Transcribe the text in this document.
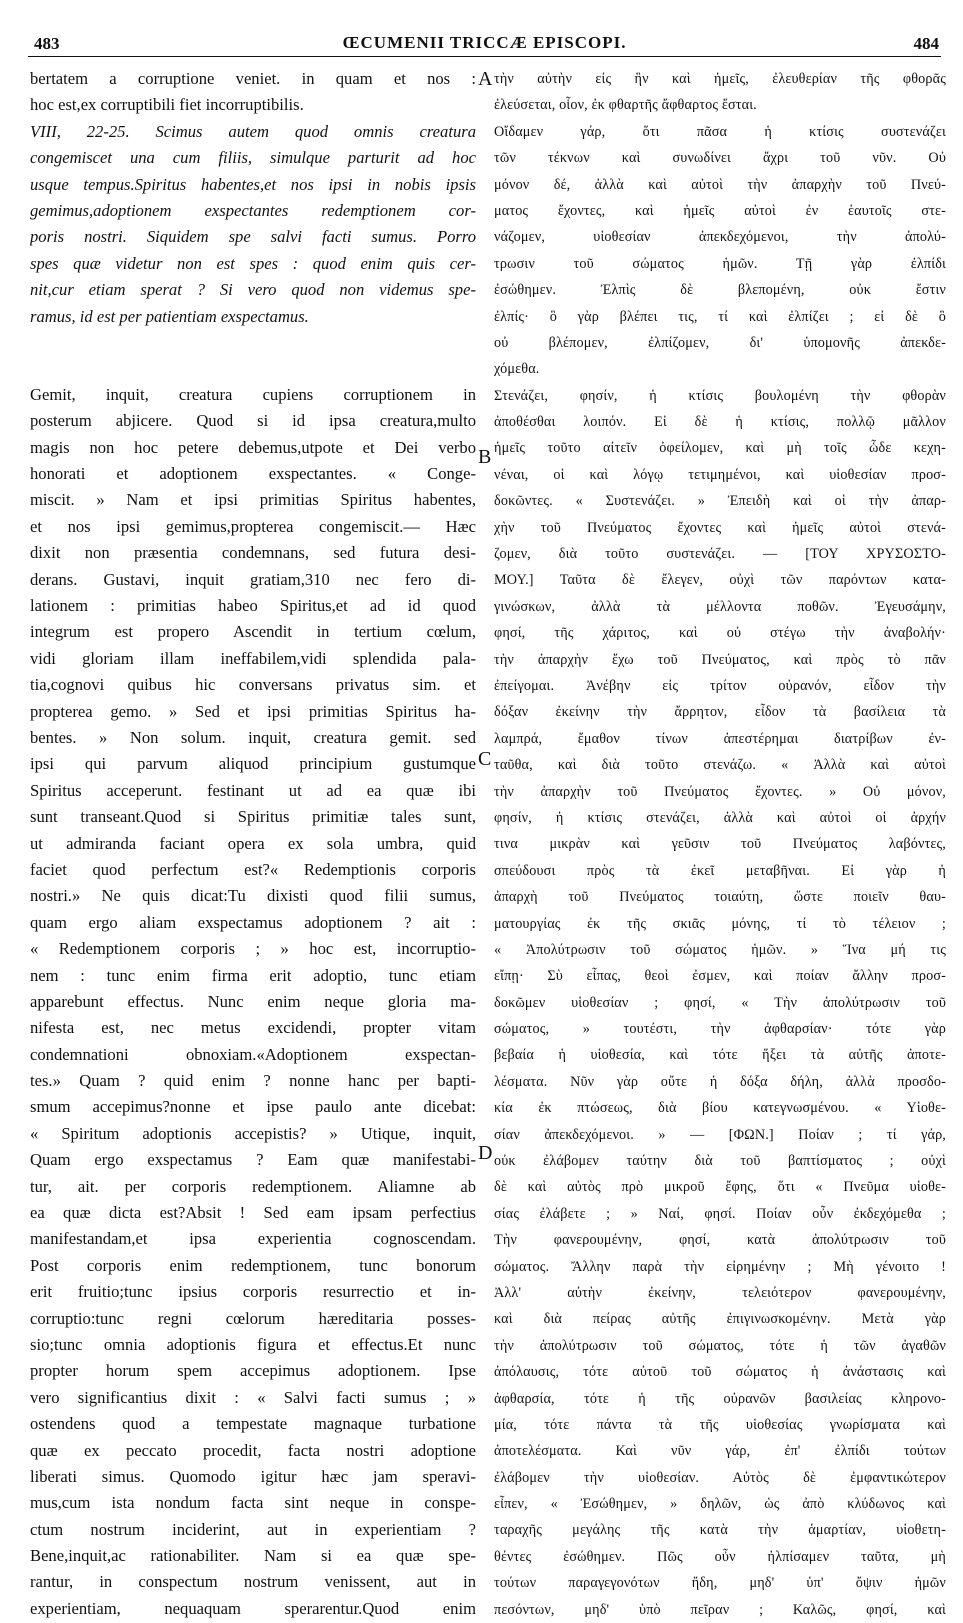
483	ŒCUMENII TRICCÆ EPISCOPI.	484
A
B
C
D
bertatem a corruptione veniet. in quam et nos :
hoc est,ex corruptibili fiet incorruptibilis.
VIII, 22-25. Scimus autem quod omnis creatura
congemiscet una cum filiis, simulque parturit ad hoc
usque tempus.Spiritus habentes,et nos ipsi in nobis ipsis
gemimus,adoptionem exspectantes redemptionem cor-
poris nostri. Siquidem spe salvi facti sumus. Porro
spes quæ videtur non est spes : quod enim quis cer-
nit,cur etiam sperat ? Si vero quod non videmus spe-
ramus, id est per patientiam exspectamus.
Gemit, inquit, creatura cupiens corruptionem in
posterum abjicere. Quod si id ipsa creatura,multo
magis non hoc petere debemus,utpote et Dei verbo
honorati et adoptionem exspectantes. « Conge-
miscit. » Nam et ipsi primitias Spiritus habentes,
et nos ipsi gemimus,propterea congemiscit.— Hæc
dixit non præsentia condemnans, sed futura desi-
derans. Gustavi, inquit gratiam,310 nec fero di-
lationem : primitias habeo Spiritus,et ad id quod
integrum est propero Ascendit in tertium cœlum,
vidi gloriam illam ineffabilem,vidi splendida pala-
tia,cognovi quibus hic conversans privatus sim. et
propterea gemo. » Sed et ipsi primitias Spiritus ha-
bentes. » Non solum. inquit, creatura gemit. sed
ipsi qui parvum aliquod principium gustumque
Spiritus acceperunt. festinant ut ad ea quæ ibi
sunt transeant.Quod si Spiritus primitiæ tales sunt,
ut admiranda faciant opera ex sola umbra, quid
faciet quod perfectum est?« Redemptionis corporis
nostri.» Ne quis dicat:Tu dixisti quod filii sumus,
quam ergo aliam exspectamus adoptionem ? ait :
« Redemptionem corporis ; » hoc est, incorruptio-
nem : tunc enim firma erit adoptio, tunc etiam
apparebunt effectus. Nunc enim neque gloria ma-
nifesta est, nec metus excidendi, propter vitam
condemnationi obnoxiam.«Adoptionem exspectan-
tes.» Quam ? quid enim ? nonne hanc per bapti-
smum accepimus?nonne et ipse paulo ante dicebat:
« Spiritum adoptionis accepistis? » Utique, inquit,
Quam ergo exspectamus ? Eam quæ manifestabi-
tur, ait. per corporis redemptionem. Aliamne ab
ea quæ dicta est?Absit ! Sed eam ipsam perfectius
manifestandam,et ipsa experientia cognoscendam.
Post corporis enim redemptionem, tunc bonorum
erit fruitio;tunc ipsius corporis resurrectio et in-
corruptio:tunc regni cœlorum hæreditaria posses-
sio;tunc omnia adoptionis figura et effectus.Et nunc
propter horum spem accepimus adoptionem. Ipse
vero significantius dixit : « Salvi facti sumus ; »
ostendens quod a tempestate magnaque turbatione
quæ ex peccato procedit, facta nostri adoptione
liberati simus. Quomodo igitur hæc jam speravi-
mus,cum ista nondum facta sint neque in conspe-
ctum nostrum inciderint, aut in experientiam ?
Bene,inquit,ac rationabiliter. Nam si ea quæ spe-
rantur, in conspectum nostrum venissent, aut in
experientiam, nequaquam sperarentur.Quod enim
τὴν αὐτὴν εἰς ἣν καὶ ἡμεῖς, ἐλευθερίαν τῆς φθορᾶς
ἐλεύσεται, οἷον, ἐκ φθαρτῆς ἄφθαρτος ἔσται.
Οἴδαμεν γάρ, ὅτι πᾶσα ἡ κτίσις συστενάζει
τῶν τέκνων καὶ συνωδίνει ἄχρι τοῦ νῦν. Οὐ
μόνον δέ, ἀλλὰ καὶ αὐτοὶ τὴν ἀπαρχὴν τοῦ Πνεύ-
ματος ἔχοντες, καὶ ἡμεῖς αὐτοὶ ἐν ἑαυτοῖς στε-
νάζομεν, υἱοθεσίαν ἀπεκδεχόμενοι, τὴν ἀπολύ-
τρωσιν τοῦ σώματος ἡμῶν. Τῇ γὰρ ἐλπίδι
ἐσώθημεν. Ἐλπὶς δὲ βλεπομένη, οὐκ ἔστιν
ἐλπίς· ὃ γὰρ βλέπει τις, τί καὶ ἐλπίζει ; εἰ δὲ ὃ
οὐ βλέπομεν, ἐλπίζομεν, δι' ὑπομονῆς ἀπεκδε-
χόμεθα.
Στενάζει, φησίν, ἡ κτίσις βουλομένη τὴν φθορὰν
ἀποθέσθαι λοιπόν. Εἰ δὲ ἡ κτίσις, πολλῷ μᾶλλον
ἡμεῖς τοῦτο αἰτεῖν ὀφείλομεν, καὶ μὴ τοῖς ὧδε κεχη-
νέναι, οἱ καὶ λόγῳ τετιμημένοι, καὶ υἱοθεσίαν προσ-
δοκῶντες. « Συστενάζει. » Ἐπειδὴ καὶ οἱ τὴν ἀπαρ-
χὴν τοῦ Πνεύματος ἔχοντες καὶ ἡμεῖς αὐτοὶ στενά-
ζομεν, διὰ τοῦτο συστενάζει. — [ΤΟΥ ΧΡΥΣΟΣΤΟ-
ΜΟΥ.] Ταῦτα δὲ ἔλεγεν, οὐχὶ τῶν παρόντων κατα-
γινώσκων, ἀλλὰ τὰ μέλλοντα ποθῶν. Ἐγευσάμην,
φησί, τῆς χάριτος, καὶ οὐ στέγω τὴν ἀναβολήν·
τὴν ἀπαρχὴν ἔχω τοῦ Πνεύματος, καὶ πρὸς τὸ πᾶν
ἐπείγομαι. Ἀνέβην εἰς τρίτον οὐρανόν, εἶδον τὴν
δόξαν ἐκείνην τὴν ἄρρητον, εἶδον τὰ βασίλεια τὰ
λαμπρά, ἔμαθον τίνων ἀπεστέρημαι διατρίβων ἐν-
ταῦθα, καὶ διὰ τοῦτο στενάζω. « Ἀλλὰ καὶ αὐτοὶ
τὴν ἀπαρχὴν τοῦ Πνεύματος ἔχοντες. » Οὐ μόνον,
φησίν, ἡ κτίσις στενάζει, ἀλλὰ καὶ αὐτοὶ οἱ ἀρχήν
τινα μικρὰν καὶ γεῦσιν τοῦ Πνεύματος λαβόντες,
σπεύδουσι πρὸς τὰ ἐκεῖ μεταβῆναι. Εἰ γὰρ ἡ
ἀπαρχὴ τοῦ Πνεύματος τοιαύτη, ὥστε ποιεῖν θαυ-
ματουργίας ἐκ τῆς σκιᾶς μόνης, τί τὸ τέλειον ;
« Ἀπολύτρωσιν τοῦ σώματος ἡμῶν. » Ἵνα μή τις
εἴπῃ· Σὺ εἶπας, θεοὶ ἐσμεν, καὶ ποίαν ἄλλην προσ-
δοκῶμεν υἱοθεσίαν ; φησί, « Τὴν ἀπολύτρωσιν τοῦ
σώματος, » τουτέστι, τὴν ἀφθαρσίαν· τότε γὰρ
βεβαία ἡ υἱοθεσία, καὶ τότε ἥξει τὰ αὐτῆς ἀποτε-
λέσματα. Νῦν γὰρ οὔτε ἡ δόξα δήλη, ἀλλὰ προσδο-
κία ἐκ πτώσεως, διὰ βίου κατεγνωσμένου. « Υἱοθε-
σίαν ἀπεκδεχόμενοι. » — [ΦΩΝ.] Ποίαν ; τί γάρ,
οὐκ ἐλάβομεν ταύτην διὰ τοῦ βαπτίσματος ; οὐχὶ
δὲ καὶ αὐτὸς πρὸ μικροῦ ἔφης, ὅτι « Πνεῦμα υἱοθε-
σίας ἐλάβετε ; » Ναί, φησί. Ποίαν οὖν ἐκδεχόμεθα ;
Τὴν φανερουμένην, φησί, κατὰ ἀπολύτρωσιν τοῦ
σώματος. Ἄλλην παρὰ τὴν εἰρημένην ; Μὴ γένοιτο !
Ἀλλ' αὐτὴν ἐκείνην, τελειότερον φανερουμένην,
καὶ διὰ πείρας αὐτῆς ἐπιγινωσκομένην. Μετὰ γὰρ
τὴν ἀπολύτρωσιν τοῦ σώματος, τότε ἡ τῶν ἀγαθῶν
ἀπόλαυσις, τότε αὐτοῦ τοῦ σώματος ἡ ἀνάστασις καὶ
ἀφθαρσία, τότε ἡ τῆς οὐρανῶν βασιλείας κληρονο-
μία, τότε πάντα τὰ τῆς υἱοθεσίας γνωρίσματα καὶ
ἀποτελέσματα. Καὶ νῦν γάρ, ἐπ' ἐλπίδι τούτων
ἐλάβομεν τὴν υἱοθεσίαν. Αὐτὸς δὲ ἐμφαντικώτερον
εἶπεν, « Ἐσώθημεν, » δηλῶν, ὡς ἀπὸ κλύδωνος καὶ
ταραχῆς μεγάλης τῆς κατὰ τὴν ἁμαρτίαν, υἱοθετη-
θέντες ἐσώθημεν. Πῶς οὖν ἠλπίσαμεν ταῦτα, μὴ
τούτων παραγεγονότων ἤδη, μηδ' ὑπ' ὄψιν ἡμῶν
πεσόντων, μηδ' ὑπὸ πεῖραν ; Καλῶς, φησί, καὶ
